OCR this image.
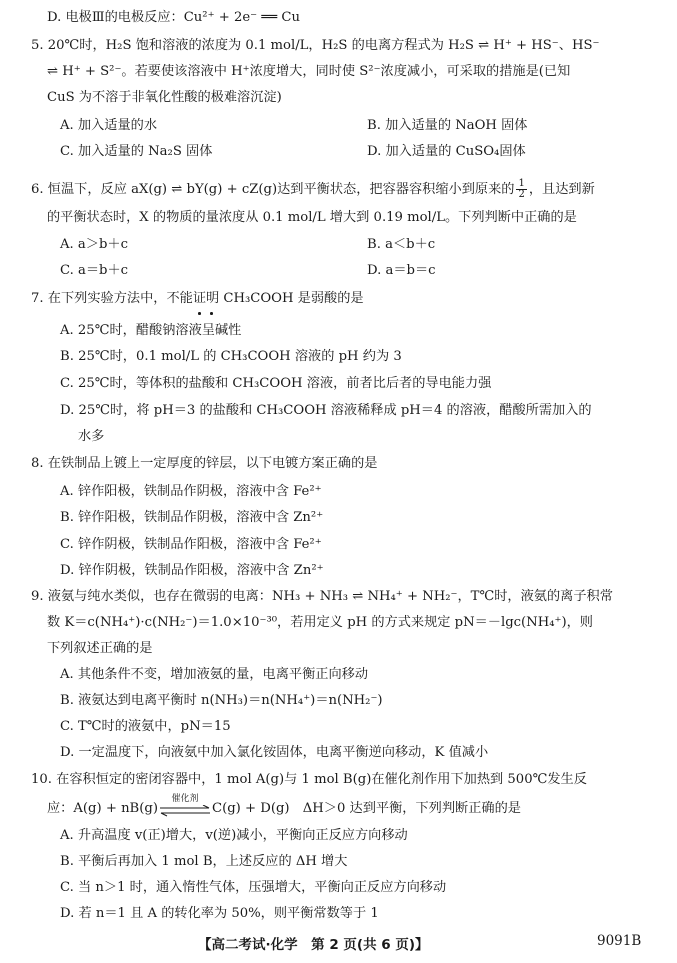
D. 电极Ⅲ的电极反应：Cu²⁺ + 2e⁻ ══ Cu
5. 20℃时，H₂S 饱和溶液的浓度为 0.1 mol/L，H₂S 的电离方程式为 H₂S ⇌ H⁺ + HS⁻、HS⁻
⇌ H⁺ + S²⁻。若要使该溶液中 H⁺浓度增大，同时使 S²⁻浓度减小，可采取的措施是(已知
CuS 为不溶于非氧化性酸的极难溶沉淀)
A. 加入适量的水	B. 加入适量的 NaOH 固体
C. 加入适量的 Na₂S 固体	D. 加入适量的 CuSO₄固体
6. 恒温下，反应 aX(g) ⇌ bY(g) + cZ(g)达到平衡状态，把容器容积缩小到原来的 $\frac{1}{2}$ ，且达到新
的平衡状态时，X 的物质的量浓度从 0.1 mol/L 增大到 0.19 mol/L。下列判断中正确的是
A. a＞b＋c	B. a＜b＋c
C. a＝b＋c	D. a＝b＝c
7. 在下列实验方法中，不能证明 CH₃COOH 是弱酸的是
A. 25℃时，醋酸钠溶液呈碱性
B. 25℃时，0.1 mol/L 的 CH₃COOH 溶液的 pH 约为 3
C. 25℃时，等体积的盐酸和 CH₃COOH 溶液，前者比后者的导电能力强
D. 25℃时，将 pH＝3 的盐酸和 CH₃COOH 溶液稀释成 pH＝4 的溶液，醋酸所需加入的
水多
8. 在铁制品上镀上一定厚度的锌层，以下电镀方案正确的是
A. 锌作阳极，铁制品作阴极，溶液中含 Fe²⁺
B. 锌作阳极，铁制品作阴极，溶液中含 Zn²⁺
C. 锌作阴极，铁制品作阳极，溶液中含 Fe²⁺
D. 锌作阴极，铁制品作阳极，溶液中含 Zn²⁺
9. 液氨与纯水类似，也存在微弱的电离：NH₃ + NH₃ ⇌ NH₄⁺ + NH₂⁻，T℃时，液氨的离子积常
数 K＝c(NH₄⁺)·c(NH₂⁻)＝1.0×10⁻³⁰，若用定义 pH 的方式来规定 pN＝－lgc(NH₄⁺)，则
下列叙述正确的是
A. 其他条件不变，增加液氨的量，电离平衡正向移动
B. 液氨达到电离平衡时 n(NH₃)＝n(NH₄⁺)＝n(NH₂⁻)
C. T℃时的液氨中，pN＝15
D. 一定温度下，向液氨中加入氯化铵固体，电离平衡逆向移动，K 值减小
10. 在容积恒定的密闭容器中，1 mol A(g)与 1 mol B(g)在催化剂作用下加热到 500℃发生反
应：A(g) + nB(g)
催化剂
C(g) + D(g)　ΔH＞0 达到平衡，下列判断正确的是
A. 升高温度 v(正)增大，v(逆)减小，平衡向正反应方向移动
B. 平衡后再加入 1 mol B，上述反应的 ΔH 增大
C. 当 n＞1 时，通入惰性气体，压强增大，平衡向正反应方向移动
D. 若 n＝1 且 A 的转化率为 50%，则平衡常数等于 1
【高二考试·化学　第 2 页(共 6 页)】	9091B
